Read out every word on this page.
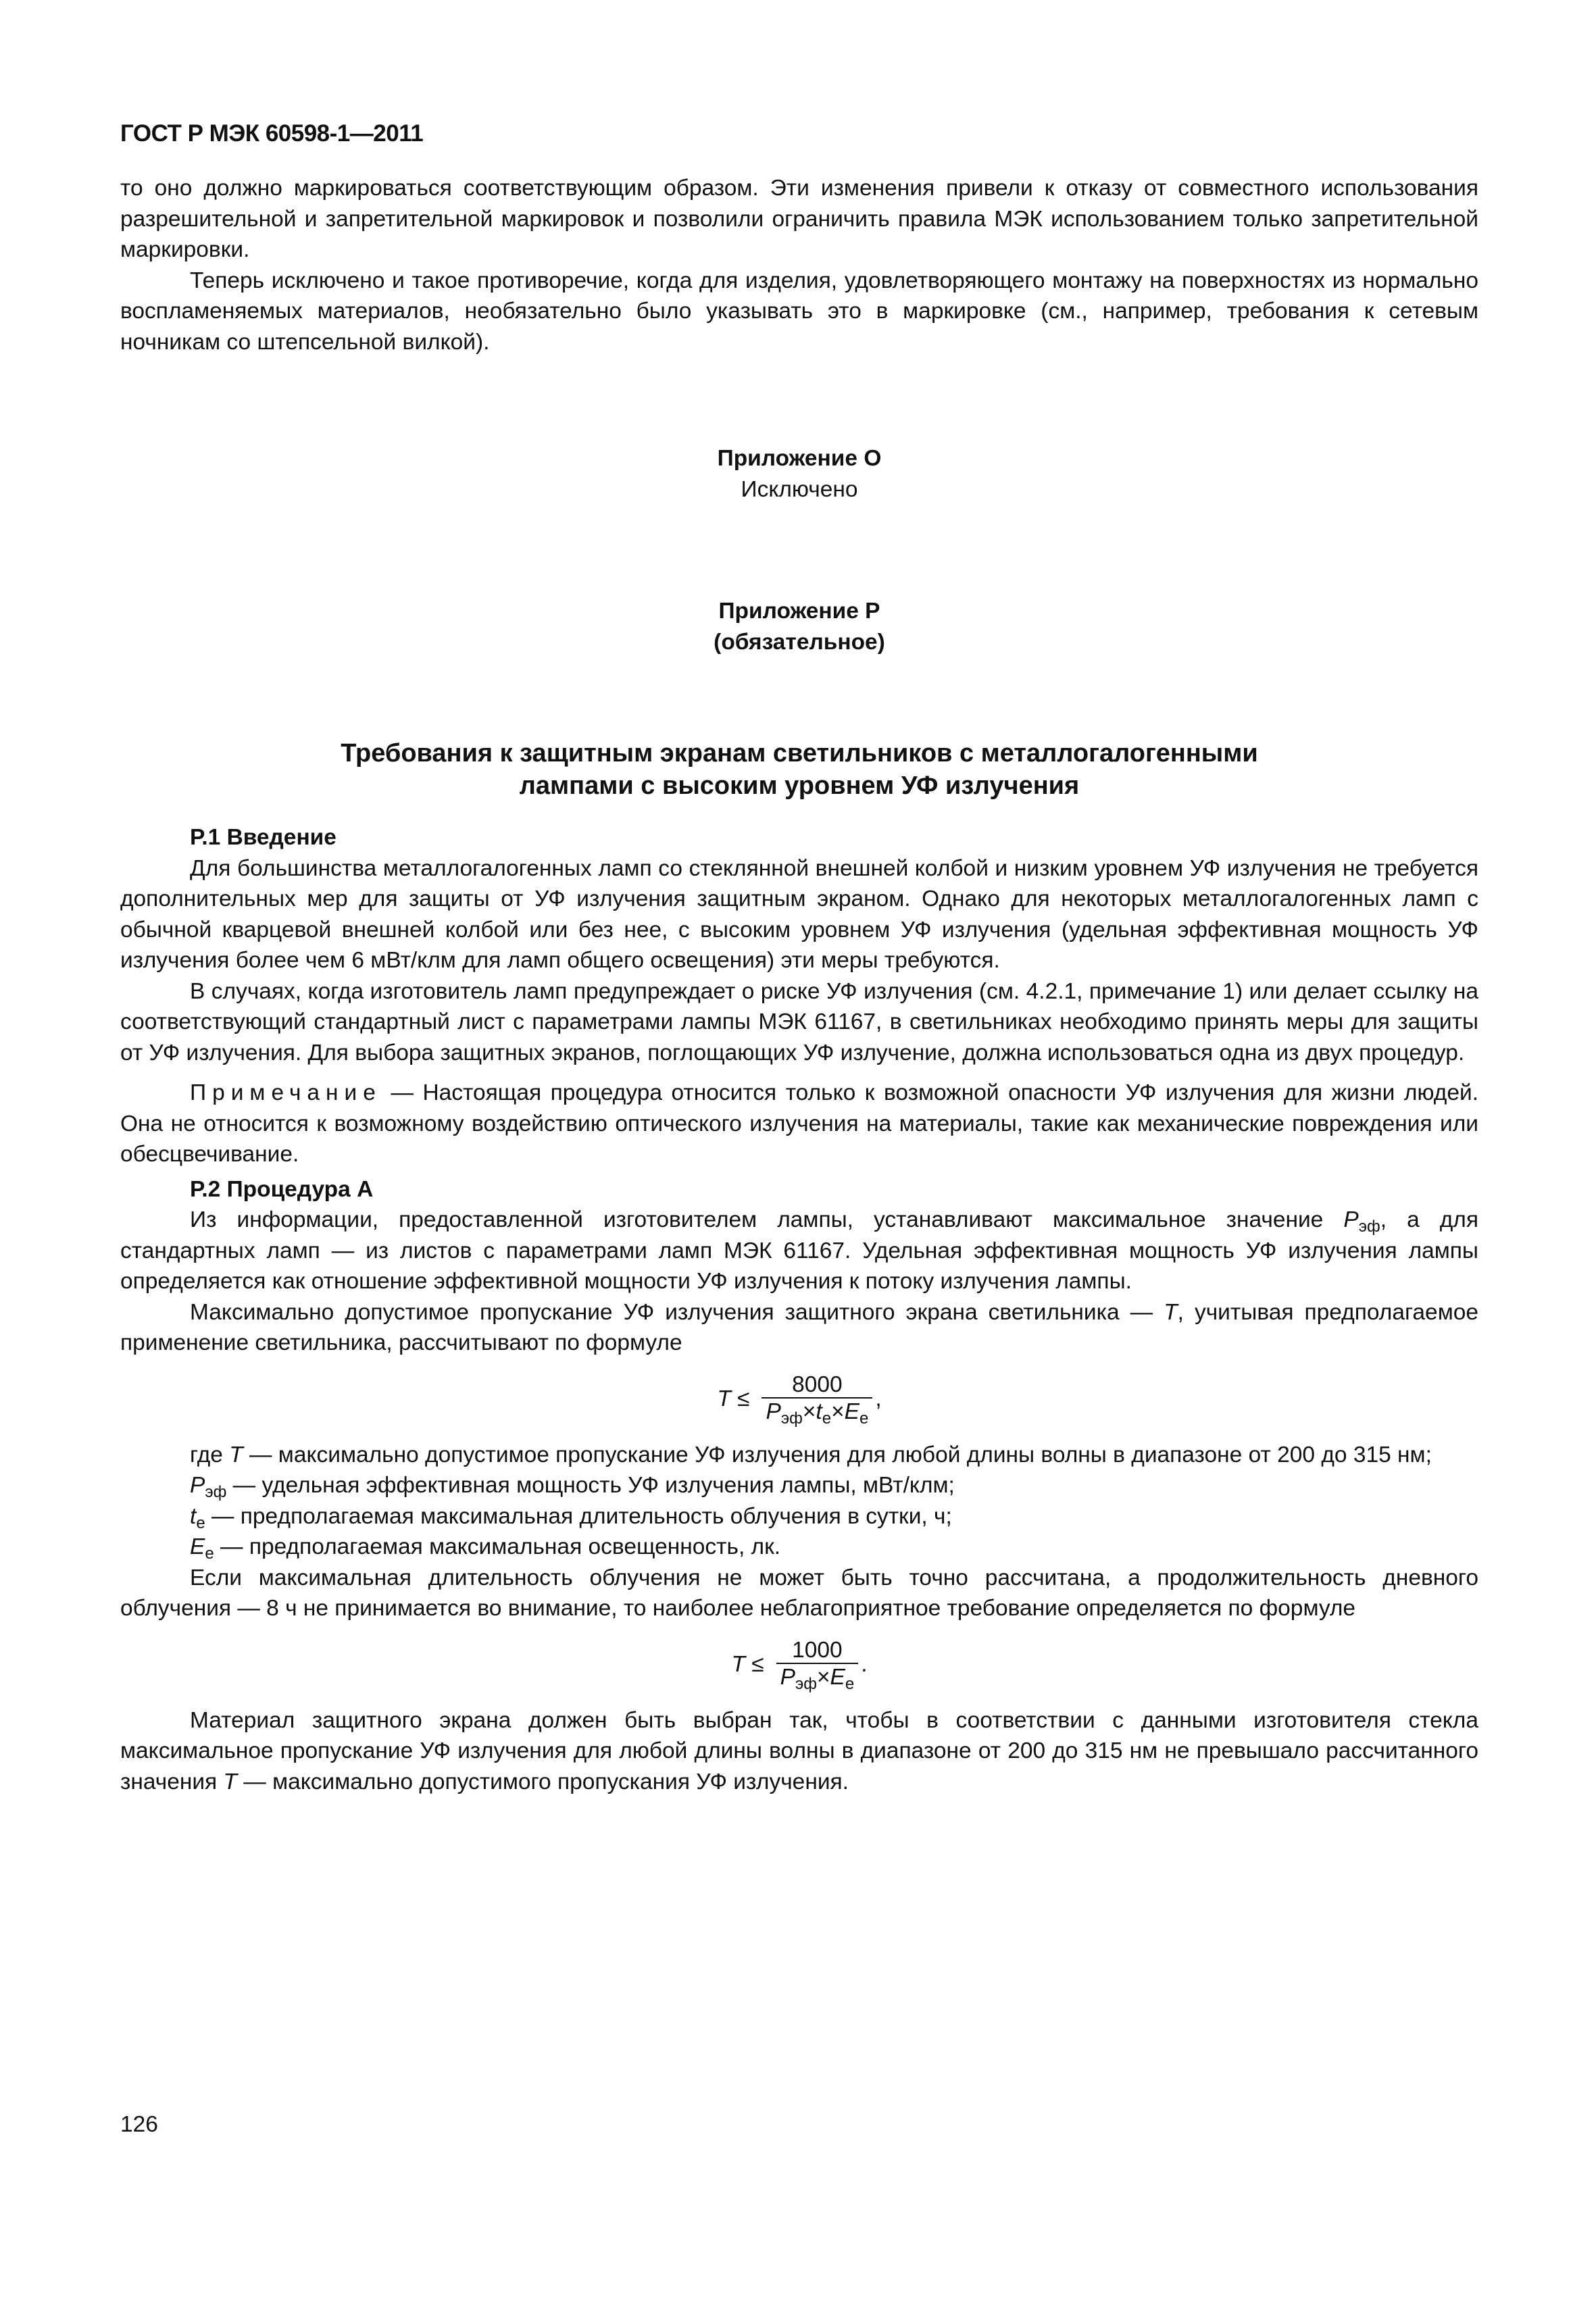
ГОСТ Р МЭК 60598-1—2011

то оно должно маркироваться соответствующим образом. Эти изменения привели к отказу от совместного использования разрешительной и запретительной маркировок и позволили ограничить правила МЭК использованием только запретительной маркировки.

Теперь исключено и такое противоречие, когда для изделия, удовлетворяющего монтажу на поверхностях из нормально воспламеняемых материалов, необязательно было указывать это в маркировке (см., например, требования к сетевым ночникам со штепсельной вилкой).

Приложение О
Исключено
Приложение Р
(обязательное)
Требования к защитным экранам светильников с металлогалогенными
лампами с высоким уровнем УФ излучения
Р.1 Введение

Для большинства металлогалогенных ламп со стеклянной внешней колбой и низким уровнем УФ излучения не требуется дополнительных мер для защиты от УФ излучения защитным экраном. Однако для некоторых металлогалогенных ламп с обычной кварцевой внешней колбой или без нее, с высоким уровнем УФ излучения (удельная эффективная мощность УФ излучения более чем 6 мВт/клм для ламп общего освещения) эти меры требуются.

В случаях, когда изготовитель ламп предупреждает о риске УФ излучения (см. 4.2.1, примечание 1) или делает ссылку на соответствующий стандартный лист с параметрами лампы МЭК 61167, в светильниках необходимо принять меры для защиты от УФ излучения. Для выбора защитных экранов, поглощающих УФ излучение, должна использоваться одна из двух процедур.

Примечание — Настоящая процедура относится только к возможной опасности УФ излучения для жизни людей. Она не относится к возможному воздействию оптического излучения на материалы, такие как механические повреждения или обесцвечивание.

Р.2 Процедура А

Из информации, предоставленной изготовителем лампы, устанавливают максимальное значение $P_{эф}$, а для стандартных ламп — из листов с параметрами ламп МЭК 61167. Удельная эффективная мощность УФ излучения лампы определяется как отношение эффективной мощности УФ излучения к потоку излучения лампы.

Максимально допустимое пропускание УФ излучения защитного экрана светильника — T, учитывая предполагаемое применение светильника, рассчитывают по формуле

$T \le \frac{8000}{P_{эф}\times t_e\times E_e}$ ,

где T — максимально допустимое пропускание УФ излучения для любой длины волны в диапазоне от 200 до 315 нм;

$P_{эф}$ — удельная эффективная мощность УФ излучения лампы, мВт/клм;

$t_e$ — предполагаемая максимальная длительность облучения в сутки, ч;

$E_e$ — предполагаемая максимальная освещенность, лк.

Если максимальная длительность облучения не может быть точно рассчитана, а продолжительность дневного облучения — 8 ч не принимается во внимание, то наиболее неблагоприятное требование определяется по формуле

$T \le \frac{1000}{P_{эф}\times E_e}$ .

Материал защитного экрана должен быть выбран так, чтобы в соответствии с данными изготовителя стекла максимальное пропускание УФ излучения для любой длины волны в диапазоне от 200 до 315 нм не превышало рассчитанного значения T — максимально допустимого пропускания УФ излучения.

126
